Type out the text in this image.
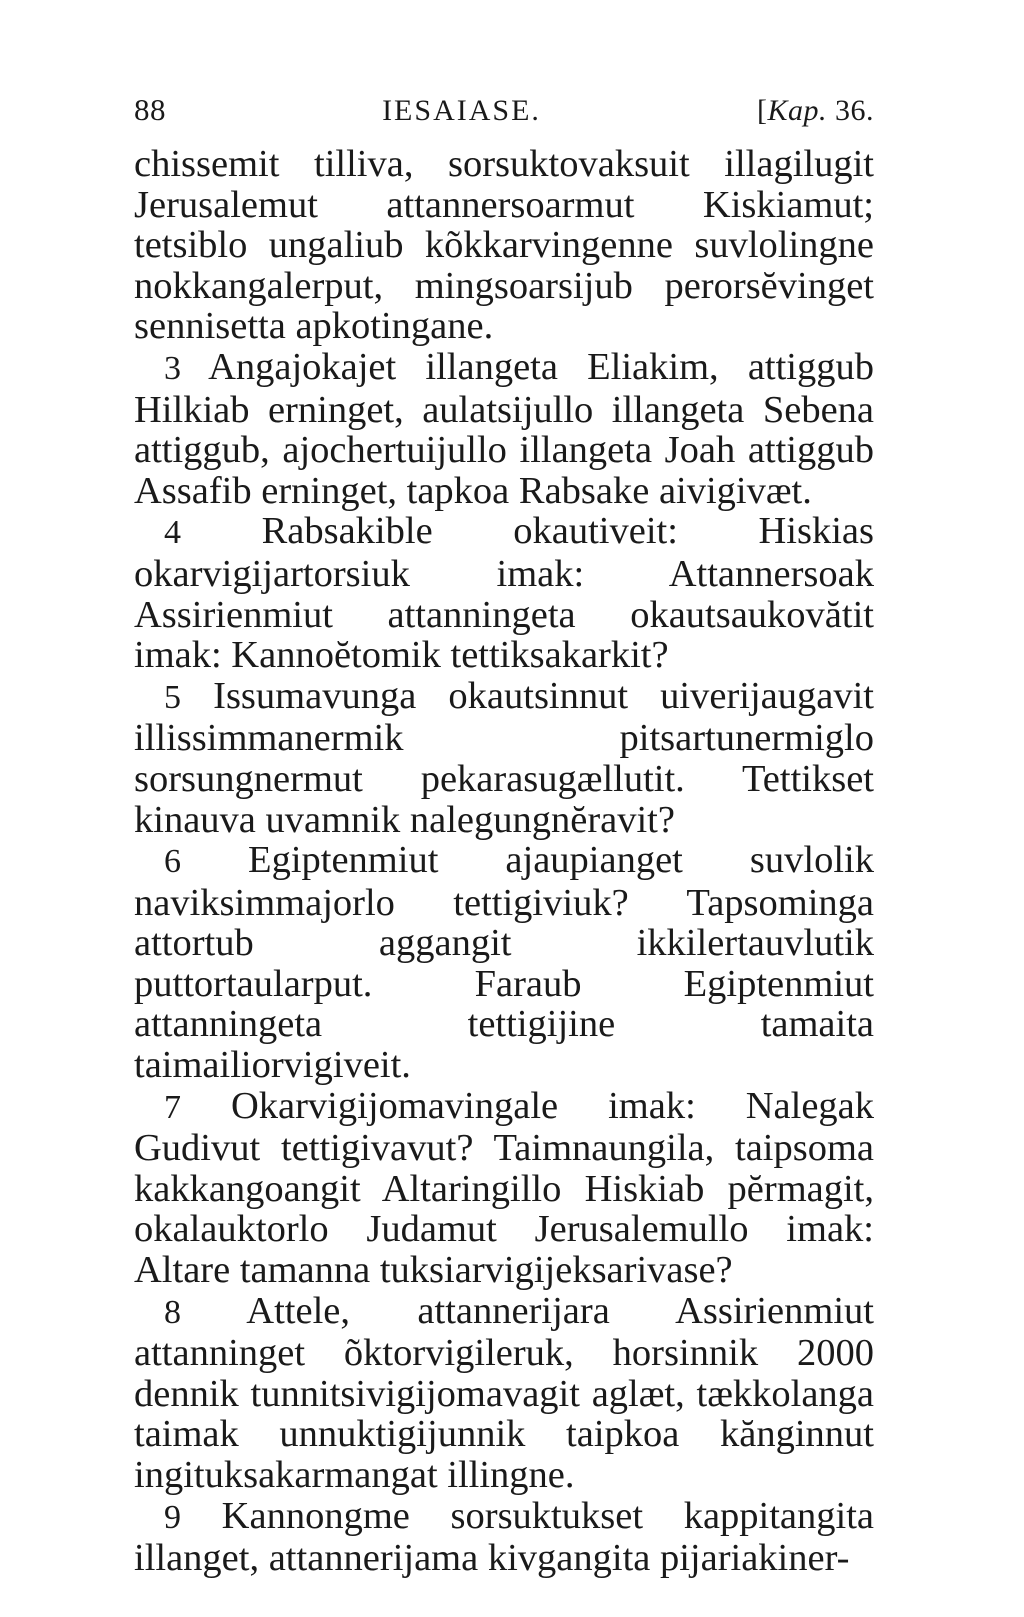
88	IESAIASE.	[Kap. 36.

chissemit tilliva, sorsuktovaksuit illagilugit Jerusalemut attannersoarmut Kiskiamut; tetsiblo ungaliub kõkkarvingenne suvlolingne nokkangalerput, mingsoarsijub perorsĕvinget sennisetta apkotingane.

3 Angajokajet illangeta Eliakim, attiggub Hilkiab erninget, aulatsijullo illangeta Sebena attiggub, ajochertuijullo illangeta Joah attiggub Assafib erninget, tapkoa Rabsake aivigivæt.

4 Rabsakible okautiveit: Hiskias okarvigijartorsiuk imak: Attannersoak Assirienmiut attanningeta okautsaukovătit imak: Kannoĕtomik tettiksakarkit?

5 Issumavunga okautsinnut uiverijaugavit illissimmanermik pitsartunermiglo sorsungnermut pekarasugællutit. Tettikset kinauva uvamnik nalegungnĕravit?

6 Egiptenmiut ajaupianget suvlolik naviksimmajorlo tettigiviuk? Tapsominga attortub aggangit ikkilertauvlutik puttortaularput. Faraub Egiptenmiut attanningeta tettigijine tamaita taimailiorvigiveit.

7 Okarvigijomavingale imak: Nalegak Gudivut tettigivavut? Taimnaungila, taipsoma kakkangoangit Altaringillo Hiskiab pĕrmagit, okalauktorlo Judamut Jerusalemullo imak: Altare tamanna tuksiarvigijeksarivase?

8 Attele, attannerijara Assirienmiut attanninget õktorvigileruk, horsinnik 2000 dennik tunnitsivigijomavagit aglæt, tækkolanga taimak unnuktigijunnik taipkoa kănginnut ingituksakarmangat illingne.

9 Kannongme sorsuktukset kappitangita illanget, attannerijama kivgangita pijariakiner-
